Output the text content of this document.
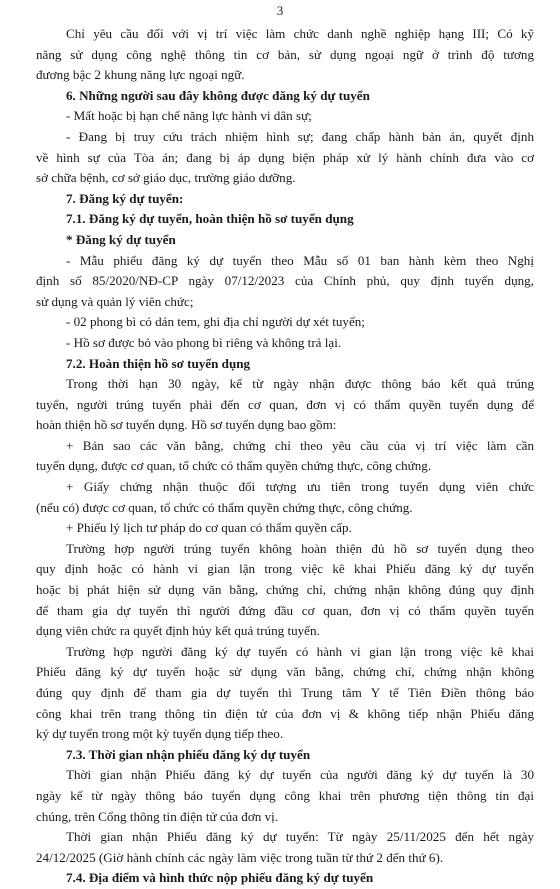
3
Chỉ yêu cầu đối với vị trí việc làm chức danh nghề nghiệp hạng III; Có kỹ
năng sử dụng công nghệ thông tin cơ bản, sử dụng ngoại ngữ ở trình độ tương
đương bậc 2 khung năng lực ngoại ngữ.
6. Những người sau đây không được đăng ký dự tuyển
- Mất hoặc bị hạn chế năng lực hành vi dân sự;
- Đang bị truy cứu trách nhiệm hình sự; đang chấp hành bản án, quyết định
về hình sự của Tòa án; đang bị áp dụng biện pháp xử lý hành chính đưa vào cơ
sở chữa bệnh, cơ sở giáo dục, trường giáo dưỡng.
7. Đăng ký dự tuyển:
7.1. Đăng ký dự tuyển, hoàn thiện hồ sơ tuyển dụng
* Đăng ký dự tuyển
- Mẫu phiếu đăng ký dự tuyển theo Mẫu số 01 ban hành kèm theo Nghị
định số 85/2020/NĐ-CP ngày 07/12/2023 của Chính phủ, quy định tuyển dụng,
sử dụng và quản lý viên chức;
- 02 phong bì có dán tem, ghi địa chỉ người dự xét tuyển;
- Hồ sơ được bỏ vào phong bì riêng và không trả lại.
7.2. Hoàn thiện hồ sơ tuyển dụng
Trong thời hạn 30 ngày, kể từ ngày nhận được thông báo kết quả trúng
tuyển, người trúng tuyển phải đến cơ quan, đơn vị có thẩm quyền tuyển dụng để
hoàn thiện hồ sơ tuyển dụng. Hồ sơ tuyển dụng bao gồm:
+ Bản sao các văn bằng, chứng chỉ theo yêu cầu của vị trí việc làm cần
tuyển dụng, được cơ quan, tổ chức có thẩm quyền chứng thực, công chứng.
+ Giấy chứng nhận thuộc đối tượng ưu tiên trong tuyển dụng viên chức
(nếu có) được cơ quan, tổ chức có thẩm quyền chứng thực, công chứng.
+ Phiếu lý lịch tư pháp do cơ quan có thẩm quyền cấp.
Trường hợp người trúng tuyển không hoàn thiện đủ hồ sơ tuyển dụng theo
quy định hoặc có hành vi gian lận trong việc kê khai Phiếu đăng ký dự tuyển
hoặc bị phát hiện sử dụng văn bằng, chứng chỉ, chứng nhận không đúng quy định
để tham gia dự tuyển thì người đứng đầu cơ quan, đơn vị có thẩm quyền tuyển
dụng viên chức ra quyết định hủy kết quả trúng tuyển.
Trường hợp người đăng ký dự tuyển có hành vi gian lận trong việc kê khai
Phiếu đăng ký dự tuyển hoặc sử dụng văn bằng, chứng chỉ, chứng nhận không
đúng quy định để tham gia dự tuyển thì Trung tâm Y tế Tiên Điền thông báo
công khai trên trang thông tin điện tử của đơn vị & không tiếp nhận Phiếu đăng
ký dự tuyển trong một kỳ tuyển dụng tiếp theo.
7.3. Thời gian nhận phiếu đăng ký dự tuyển
Thời gian nhận Phiếu đăng ký dự tuyển của người đăng ký dự tuyển là 30
ngày kể từ ngày thông báo tuyển dụng công khai trên phương tiện thông tin đại
chúng, trên Cổng thông tin điện tử của đơn vị.
Thời gian nhận Phiếu đăng ký dự tuyển: Từ ngày 25/11/2025 đến hết ngày
24/12/2025 (Giờ hành chính các ngày làm việc trong tuần từ thứ 2 đến thứ 6).
7.4. Địa điểm và hình thức nộp phiếu đăng ký dự tuyển
